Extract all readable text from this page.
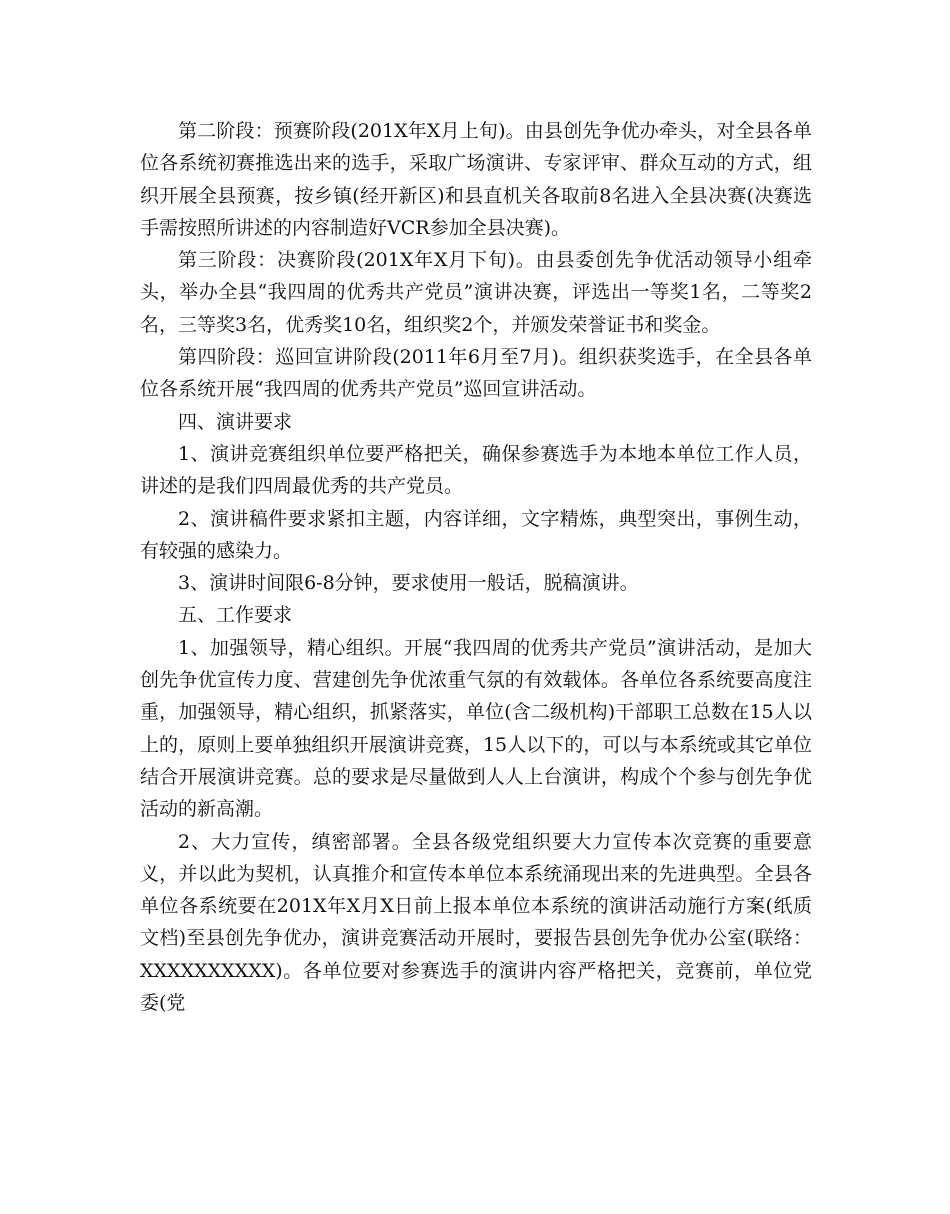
第二阶段：预赛阶段(201X年X月上旬)。由县创先争优办牵头，对全县各单位各系统初赛推选出来的选手，采取广场演讲、专家评审、群众互动的方式，组织开展全县预赛，按乡镇(经开新区)和县直机关各取前8名进入全县决赛(决赛选手需按照所讲述的内容制造好VCR参加全县决赛)。

第三阶段：决赛阶段(201X年X月下旬)。由县委创先争优活动领导小组牵头，举办全县“我四周的优秀共产党员”演讲决赛，评选出一等奖1名，二等奖2名，三等奖3名，优秀奖10名，组织奖2个，并颁发荣誉证书和奖金。

第四阶段：巡回宣讲阶段(2011年6月至7月)。组织获奖选手，在全县各单位各系统开展“我四周的优秀共产党员”巡回宣讲活动。

四、演讲要求

1、演讲竞赛组织单位要严格把关，确保参赛选手为本地本单位工作人员，讲述的是我们四周最优秀的共产党员。

2、演讲稿件要求紧扣主题，内容详细，文字精炼，典型突出，事例生动，有较强的感染力。

3、演讲时间限6-8分钟，要求使用一般话，脱稿演讲。

五、工作要求

1、加强领导，精心组织。开展“我四周的优秀共产党员”演讲活动，是加大创先争优宣传力度、营建创先争优浓重气氛的有效载体。各单位各系统要高度注重，加强领导，精心组织，抓紧落实，单位(含二级机构)干部职工总数在15人以上的，原则上要单独组织开展演讲竞赛，15人以下的，可以与本系统或其它单位结合开展演讲竞赛。总的要求是尽量做到人人上台演讲，构成个个参与创先争优活动的新高潮。

2、大力宣传，缜密部署。全县各级党组织要大力宣传本次竞赛的重要意义，并以此为契机，认真推介和宣传本单位本系统涌现出来的先进典型。全县各单位各系统要在201X年X月X日前上报本单位本系统的演讲活动施行方案(纸质文档)至县创先争优办，演讲竞赛活动开展时，要报告县创先争优办公室(联络：XXXXXXXXXX)。各单位要对参赛选手的演讲内容严格把关，竞赛前，单位党委(党
